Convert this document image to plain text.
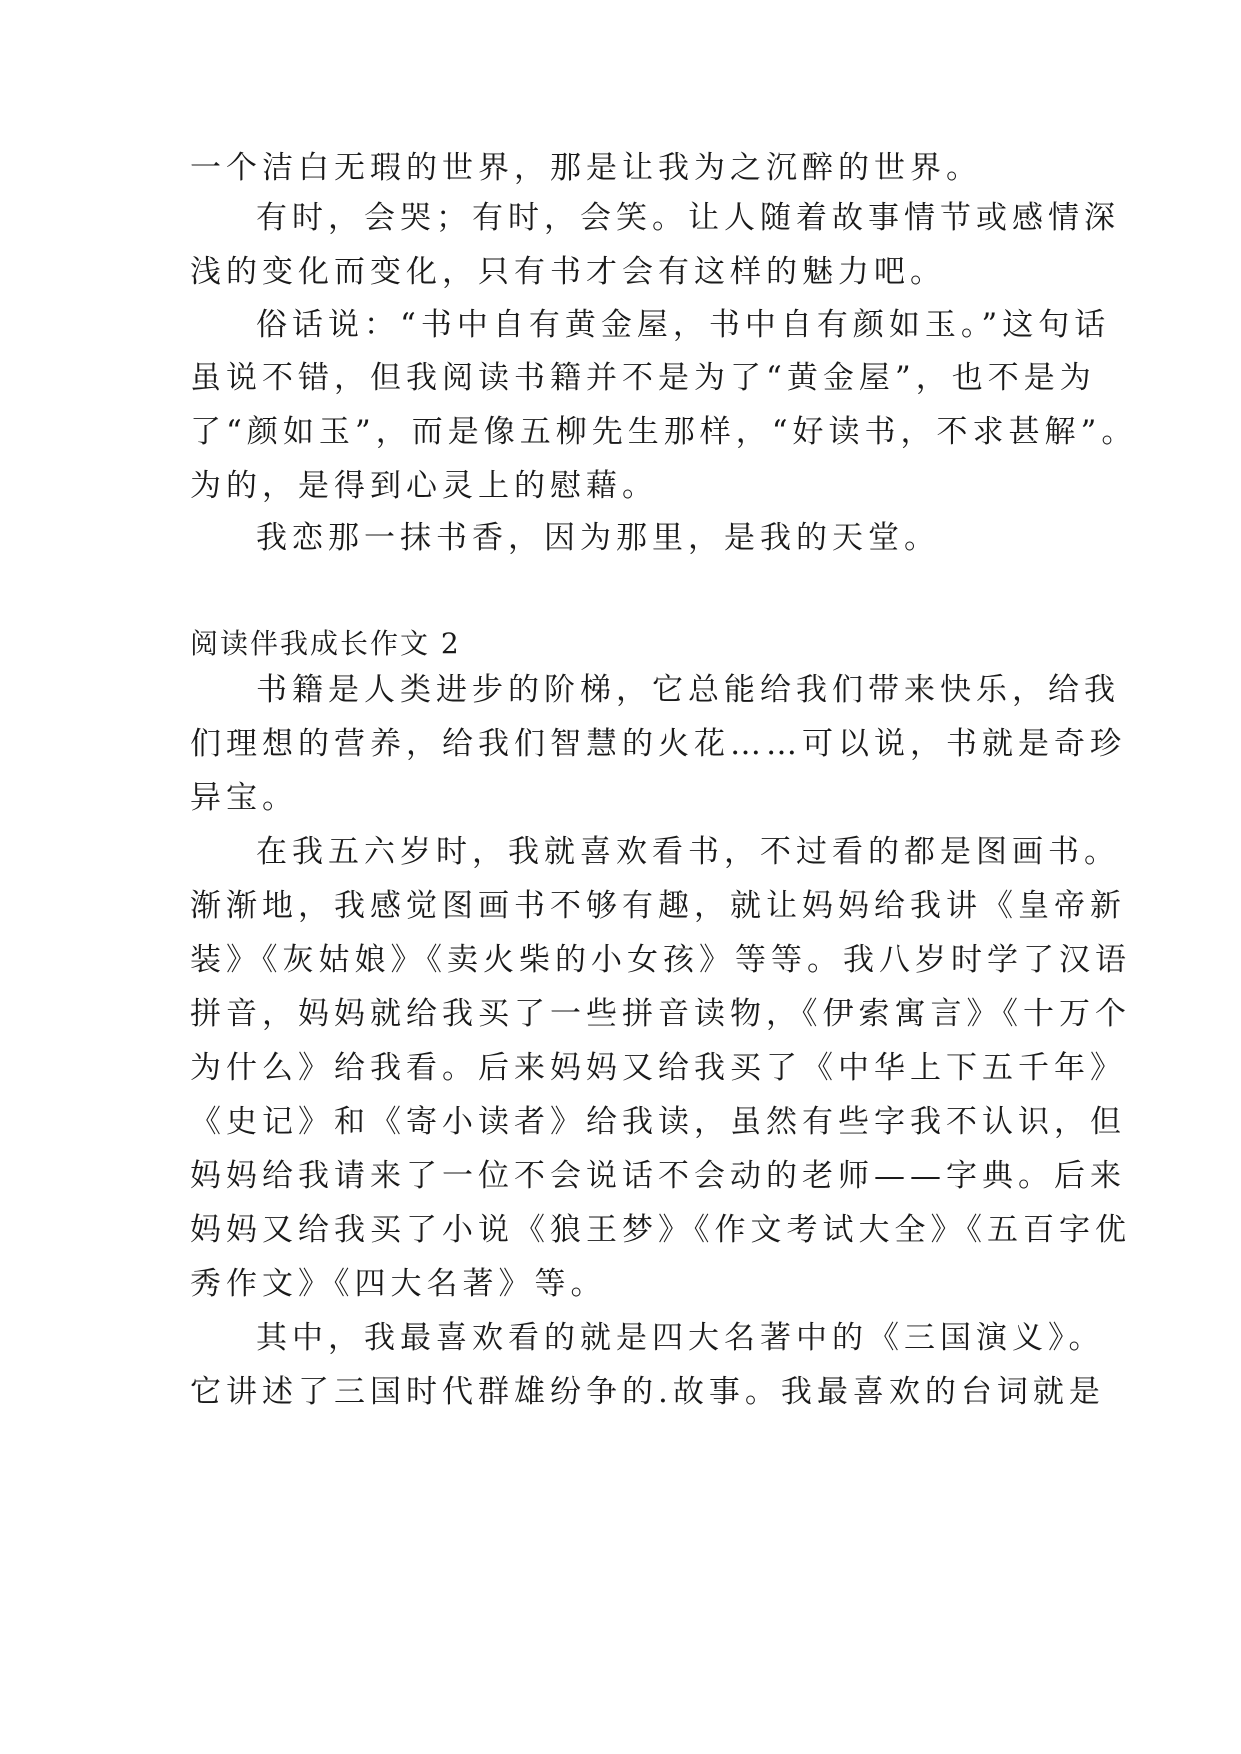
一个洁白无瑕的世界，那是让我为之沉醉的世界。
有时，会哭；有时，会笑。让人随着故事情节或感情深
浅的变化而变化，只有书才会有这样的魅力吧。
俗话说：“书中自有黄金屋，书中自有颜如玉。”这句话
虽说不错，但我阅读书籍并不是为了“黄金屋”，也不是为
了“颜如玉”，而是像五柳先生那样，“好读书，不求甚解”。
为的，是得到心灵上的慰藉。
我恋那一抹书香，因为那里，是我的天堂。
阅读伴我成长作文 2
书籍是人类进步的阶梯，它总能给我们带来快乐，给我
们理想的营养，给我们智慧的火花……可以说，书就是奇珍
异宝。
在我五六岁时，我就喜欢看书，不过看的都是图画书。
渐渐地，我感觉图画书不够有趣，就让妈妈给我讲《皇帝新
装》《灰姑娘》《卖火柴的小女孩》等等。我八岁时学了汉语
拼音，妈妈就给我买了一些拼音读物，《伊索寓言》《十万个
为什么》给我看。后来妈妈又给我买了《中华上下五千年》
《史记》和《寄小读者》给我读，虽然有些字我不认识，但
妈妈给我请来了一位不会说话不会动的老师——字典。后来
妈妈又给我买了小说《狼王梦》《作文考试大全》《五百字优
秀作文》《四大名著》等。
其中，我最喜欢看的就是四大名著中的《三国演义》。
它讲述了三国时代群雄纷争的.故事。我最喜欢的台词就是
